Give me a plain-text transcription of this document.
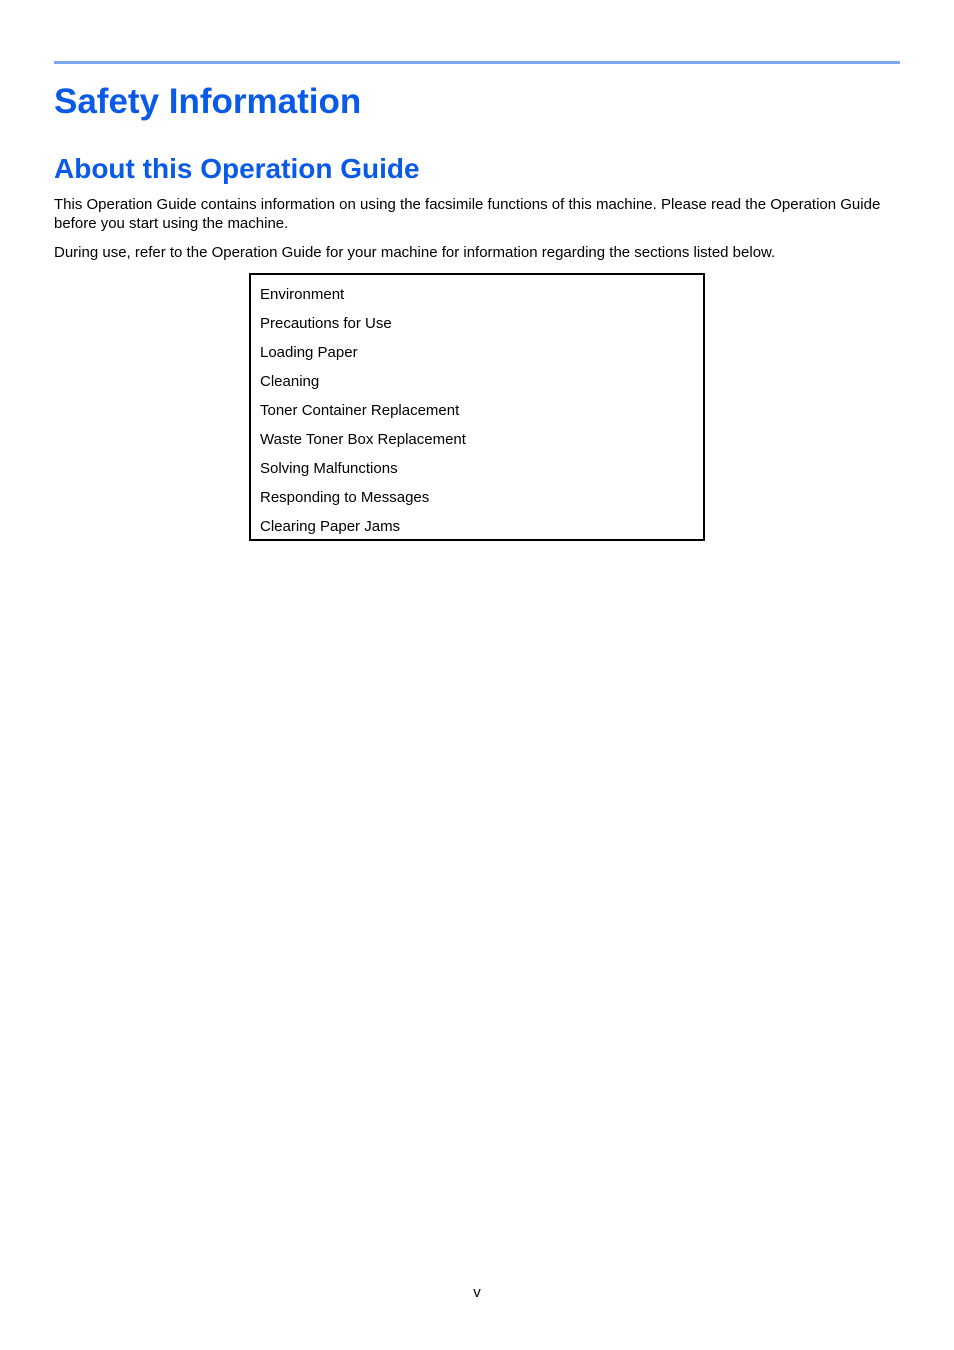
Safety Information
About this Operation Guide

This Operation Guide contains information on using the facsimile functions of this machine. Please read the Operation Guide before you start using the machine.

During use, refer to the Operation Guide for your machine for information regarding the sections listed below.

Environment
Precautions for Use
Loading Paper
Cleaning
Toner Container Replacement
Waste Toner Box Replacement
Solving Malfunctions
Responding to Messages
Clearing Paper Jams
v
